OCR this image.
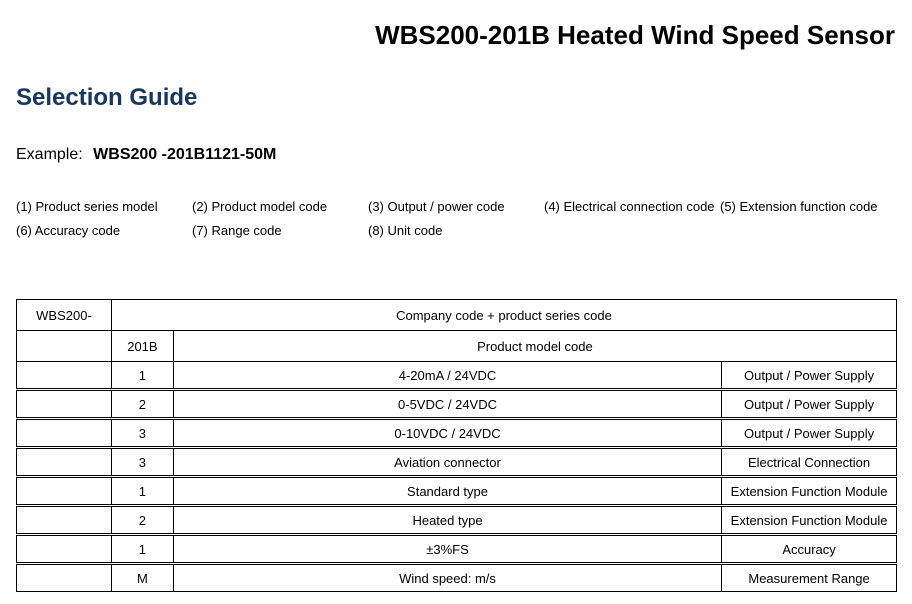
WBS200-201B Heated Wind Speed Sensor
Selection Guide
Example: WBS200 -201B1121-50M
(1) Product series model	(2) Product model code	(3) Output / power code	(4) Electrical connection code (5) Extension function code
(6) Accuracy code	(7) Range code	(8) Unit code
WBS200-	Company code + product series code		
	201B	Product model code	
	1	4-20mA / 24VDC	Output / Power Supply
	2	0-5VDC / 24VDC	Output / Power Supply
	3	0-10VDC / 24VDC	Output / Power Supply
	3	Aviation connector	Electrical Connection
	1	Standard type	Extension Function Module
	2	Heated type	Extension Function Module
	1	±3%FS	Accuracy
	M	Wind speed: m/s	Measurement Range
